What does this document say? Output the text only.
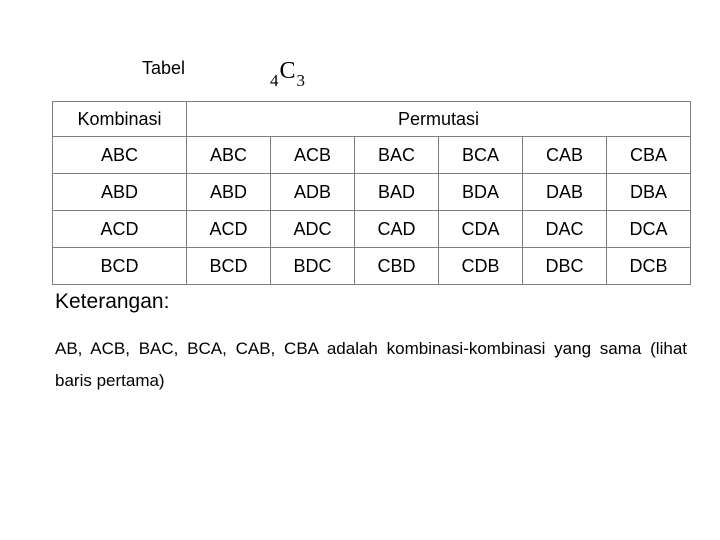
Tabel
$_4C_3$
Kombinasi	Permutasi					
ABC	ABC	ACB	BAC	BCA	CAB	CBA
ABD	ABD	ADB	BAD	BDA	DAB	DBA
ACD	ACD	ADC	CAD	CDA	DAC	DCA
BCD	BCD	BDC	CBD	CDB	DBC	DCB
Keterangan:
AB, ACB, BAC, BCA, CAB, CBA adalah kombinasi-kombinasi yang sama (lihat baris pertama)
